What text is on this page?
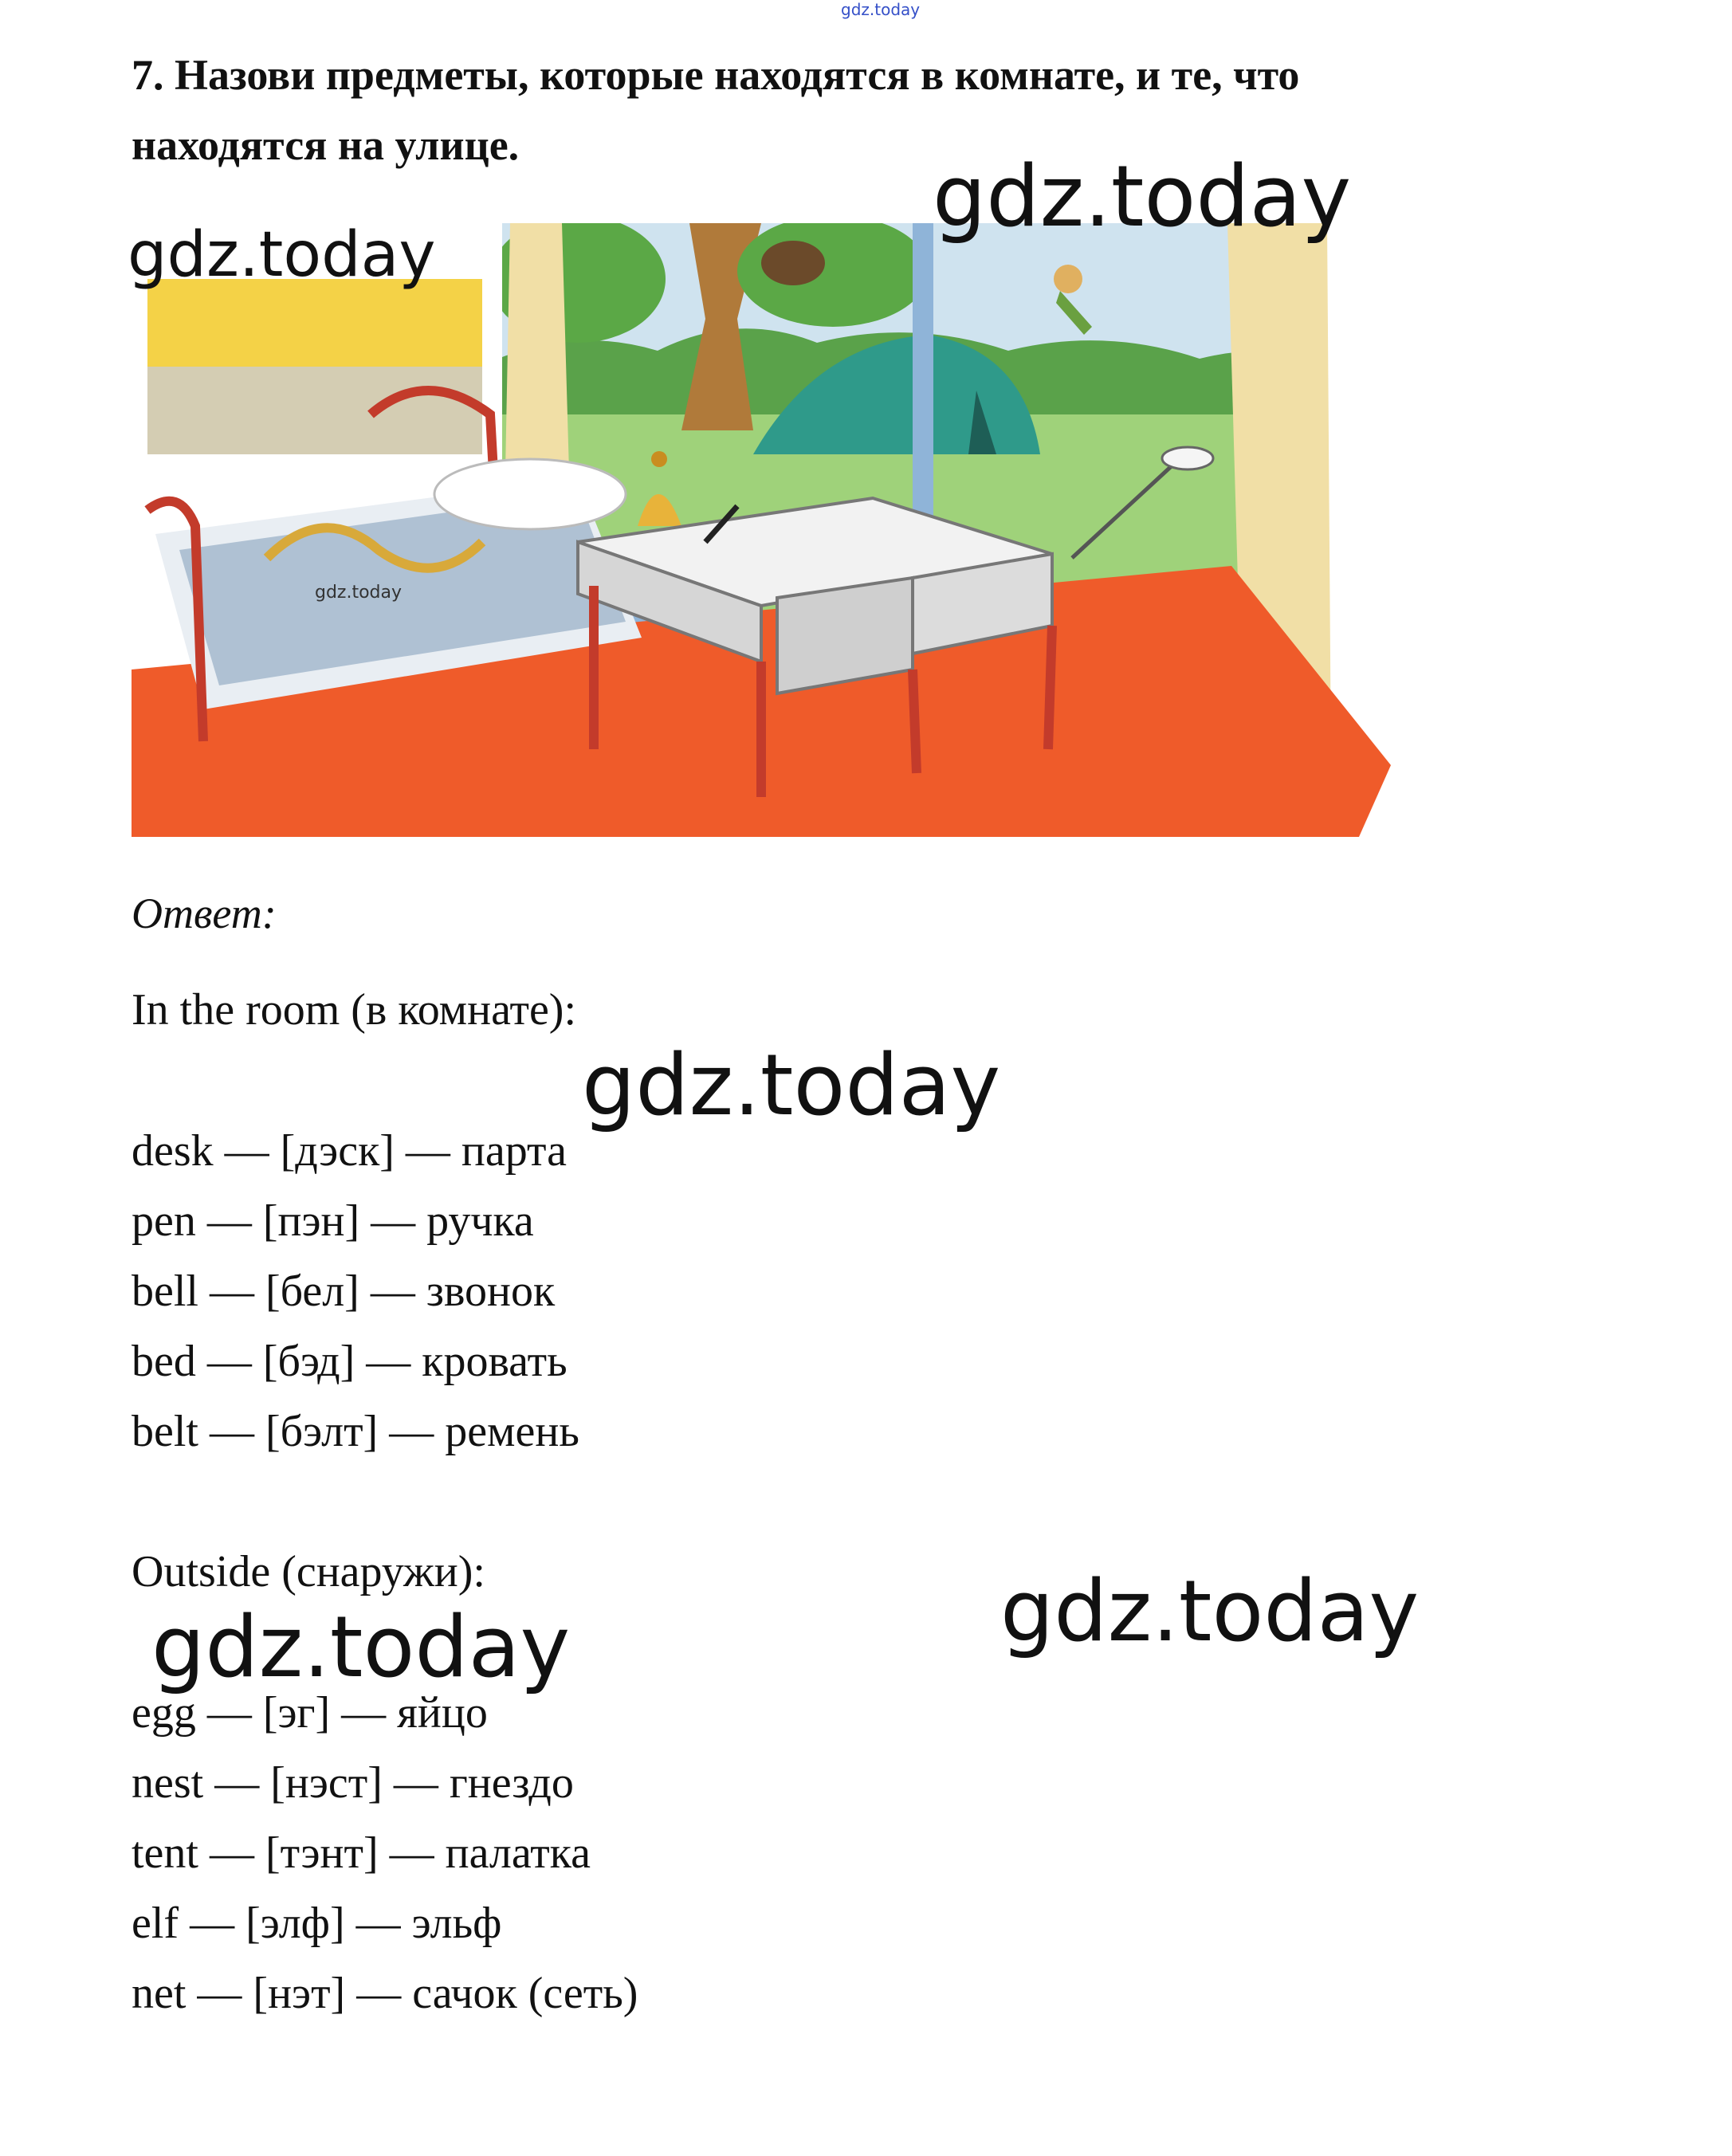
gdz.today
7. Назови предметы, которые находятся в комнате, и те, что находятся на улице.
gdz.today
gdz.today
gdz.today
Ответ:
In the room (в комнате):
gdz.today
desk — [дэск] — парта
pen — [пэн] — ручка
bell — [бел] — звонок
bed — [бэд] — кровать
belt — [бэлт] — ремень
Outside (снаружи):	gdz.today
gdz.today
egg — [эг] — яйцо
nest — [нэст] — гнездо
tent — [тэнт] — палатка
elf — [элф] — эльф
net — [нэт] — сачок (сеть)
